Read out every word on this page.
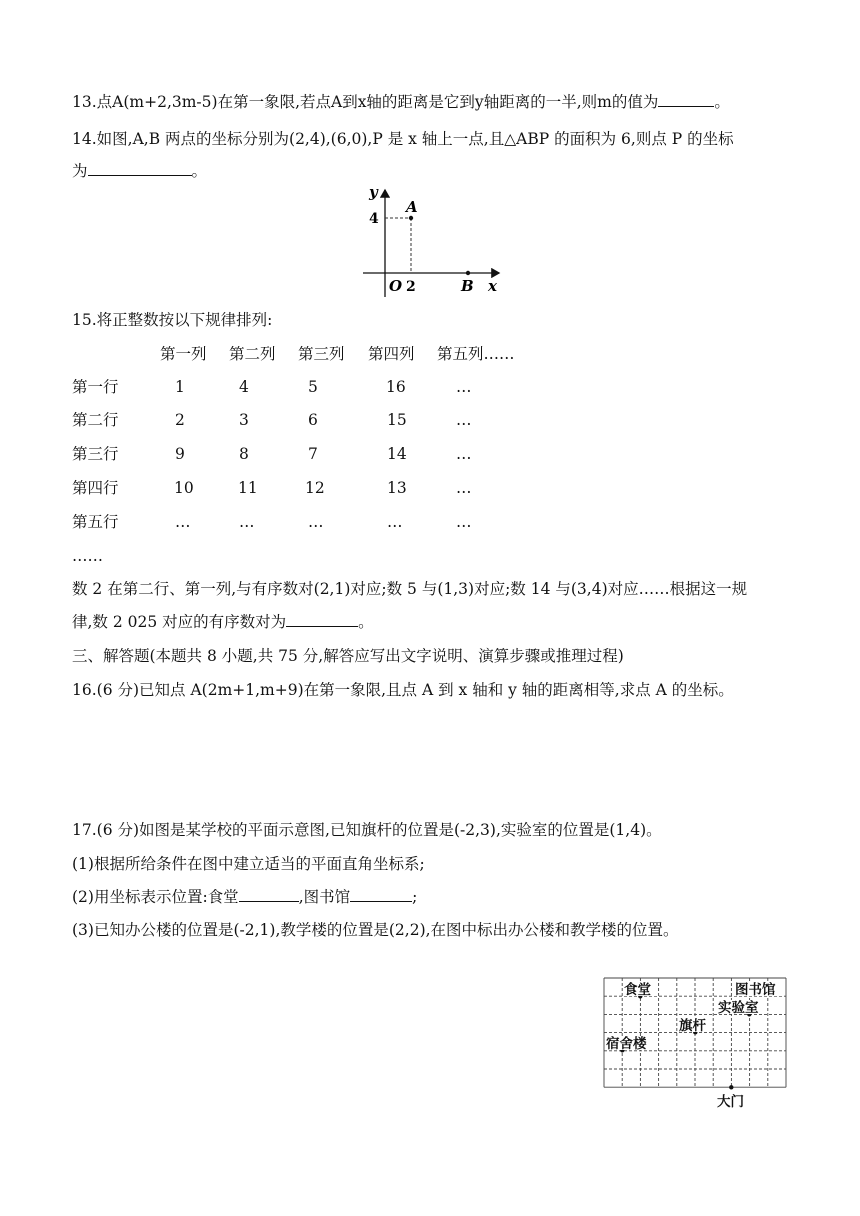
13.点A(m+2,3m-5)在第一象限,若点A到x轴的距离是它到y轴距离的一半,则m的值为	。
14.如图,A,B 两点的坐标分别为(2,4),(6,0),P 是 x 轴上一点,且△ABP 的面积为 6,则点 P 的坐标
为	。
y
4
A
O 2	B x
15.将正整数按以下规律排列:
第一列 第二列 第三列 第四列 第五列……
第一行	1	4	5	16	…
第二行	2	3	6	15	…
第三行	9	8	7	14	…
第四行	10	11	12	13	…
第五行	…	…	…	…	…
……
数 2 在第二行、第一列,与有序数对(2,1)对应;数 5 与(1,3)对应;数 14 与(3,4)对应……根据这一规
律,数 2 025 对应的有序数对为	。
三、解答题(本题共 8 小题,共 75 分,解答应写出文字说明、演算步骤或推理过程)
16.(6 分)已知点 A(2m+1,m+9)在第一象限,且点 A 到 x 轴和 y 轴的距离相等,求点 A 的坐标。
17.(6 分)如图是某学校的平面示意图,已知旗杆的位置是(-2,3),实验室的位置是(1,4)。
(1)根据所给条件在图中建立适当的平面直角坐标系;
(2)用坐标表示位置:食堂	,图书馆	;
(3)已知办公楼的位置是(-2,1),教学楼的位置是(2,2),在图中标出办公楼和教学楼的位置。
食堂	图书馆
实验室
旗杆
宿舍楼
大门
